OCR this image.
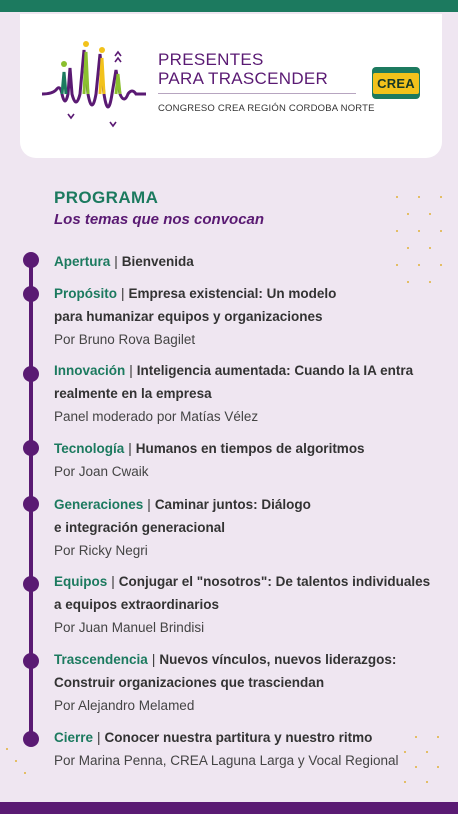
PRESENTES
PARA TRASCENDER
CONGRESO CREA REGIÓN CORDOBA NORTE
CREA
PROGRAMA
Los temas que nos convocan
Apertura | Bienvenida
Propósito | Empresa existencial: Un modelo
para humanizar equipos y organizaciones
Por Bruno Rova Bagilet
Innovación | Inteligencia aumentada: Cuando la IA entra
realmente en la empresa
Panel moderado por Matías Vélez
Tecnología | Humanos en tiempos de algoritmos
Por Joan Cwaik
Generaciones | Caminar juntos: Diálogo
e integración generacional
Por Ricky Negri
Equipos | Conjugar el "nosotros": De talentos individuales
a equipos extraordinarios
Por Juan Manuel Brindisi
Trascendencia | Nuevos vínculos, nuevos liderazgos:
Construir organizaciones que trasciendan
Por Alejandro Melamed
Cierre | Conocer nuestra partitura y nuestro ritmo
Por Marina Penna, CREA Laguna Larga y Vocal Regional
